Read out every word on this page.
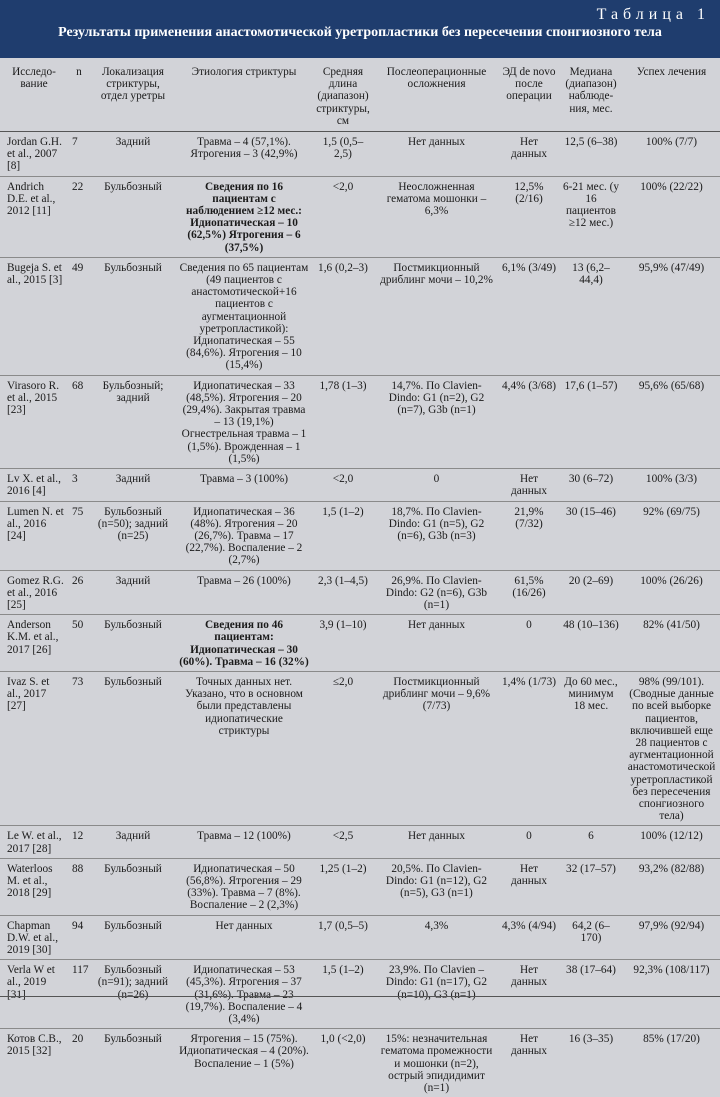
Таблица 1
Результаты применения анастомотической уретропластики без пересечения спонгиозного тела
Исследо-вание	n	Локализация стриктуры, отдел уретры	Этиология стриктуры	Средняя длина (диапазон) стриктуры, см	Послеоперационные осложнения	ЭД de novo после операции	Медиана (диапазон) наблюде-ния, мес.	Успех лечения
Jordan G.H. et al., 2007 [8]	7	Задний	Травма – 4 (57,1%). Ятрогения – 3 (42,9%)	1,5 (0,5–2,5)	Нет данных	Нет данных	12,5 (6–38)	100% (7/7)
Andrich D.E. et al., 2012 [11]	22	Бульбозный	Сведения по 16 пациентам с наблюдением ≥12 мес.: Идиопатическая – 10 (62,5%) Ятрогения – 6 (37,5%)	<2,0	Неосложненная гематома мошонки – 6,3%	12,5% (2/16)	6-21 мес. (у 16 пациентов ≥12 мес.)	100% (22/22)
Bugeja S. et al., 2015 [3]	49	Бульбозный	Сведения по 65 пациентам (49 пациентов с анастомотической+16 пациентов с аугментационной уретропластикой): Идиопатическая – 55 (84,6%). Ятрогения – 10 (15,4%)	1,6 (0,2–3)	Постмикционный дриблинг мочи – 10,2%	6,1% (3/49)	13 (6,2–44,4)	95,9% (47/49)
Virasoro R. et al., 2015 [23]	68	Бульбозный; задний	Идиопатическая – 33 (48,5%). Ятрогения – 20 (29,4%). Закрытая травма – 13 (19,1%) Огнестрельная травма – 1 (1,5%). Врожденная – 1 (1,5%)	1,78 (1–3)	14,7%. По Clavien-Dindo: G1 (n=2), G2 (n=7), G3b (n=1)	4,4% (3/68)	17,6 (1–57)	95,6% (65/68)
Lv X. et al., 2016 [4]	3	Задний	Травма – 3 (100%)	<2,0	0	Нет данных	30 (6–72)	100% (3/3)
Lumen N. et al., 2016 [24]	75	Бульбозный (n=50); задний (n=25)	Идиопатическая – 36 (48%). Ятрогения – 20 (26,7%). Травма – 17 (22,7%). Воспаление – 2 (2,7%)	1,5 (1–2)	18,7%. По Clavien-Dindo: G1 (n=5), G2 (n=6), G3b (n=3)	21,9% (7/32)	30 (15–46)	92% (69/75)
Gomez R.G. et al., 2016 [25]	26	Задний	Травма – 26 (100%)	2,3 (1–4,5)	26,9%. По Clavien-Dindo: G2 (n=6), G3b (n=1)	61,5% (16/26)	20 (2–69)	100% (26/26)
Anderson K.M. et al., 2017 [26]	50	Бульбозный	Сведения по 46 пациентам: Идиопатическая – 30 (60%). Травма – 16 (32%)	3,9 (1–10)	Нет данных	0	48 (10–136)	82% (41/50)
Ivaz S. et al., 2017 [27]	73	Бульбозный	Точных данных нет. Указано, что в основном были представлены идиопатические стриктуры	≤2,0	Постмикционный дриблинг мочи – 9,6% (7/73)	1,4% (1/73)	До 60 мес., минимум 18 мес.	98% (99/101). (Сводные данные по всей выборке пациентов, включившей еще 28 пациентов с аугментационной анастомотической уретропластикой без пересечения спонгиозного тела)
Le W. et al., 2017 [28]	12	Задний	Травма – 12 (100%)	<2,5	Нет данных	0	6	100% (12/12)
Waterloos M. et al., 2018 [29]	88	Бульбозный	Идиопатическая – 50 (56,8%). Ятрогения – 29 (33%). Травма – 7 (8%). Воспаление – 2 (2,3%)	1,25 (1–2)	20,5%. По Clavien-Dindo: G1 (n=12), G2 (n=5), G3 (n=1)	Нет данных	32 (17–57)	93,2% (82/88)
Chapman D.W. et al., 2019 [30]	94	Бульбозный	Нет данных	1,7 (0,5–5)	4,3%	4,3% (4/94)	64,2 (6–170)	97,9% (92/94)
Verla W et al., 2019 [31]	117	Бульбозный (n=91); задний (n=26)	Идиопатическая – 53 (45,3%). Ятрогения – 37 (31,6%). Травма – 23 (19,7%). Воспаление – 4 (3,4%)	1,5 (1–2)	23,9%. По Clavien – Dindo: G1 (n=17), G2 (n=10), G3 (n=1)	Нет данных	38 (17–64)	92,3% (108/117)
Котов С.В., 2015 [32]	20	Бульбозный	Ятрогения – 15 (75%). Идиопатическая – 4 (20%). Воспаление – 1 (5%)	1,0 (<2,0)	15%: незначительная гематома промежности и мошонки (n=2), острый эпидидимит (n=1)	Нет данных	16 (3–35)	85% (17/20)
